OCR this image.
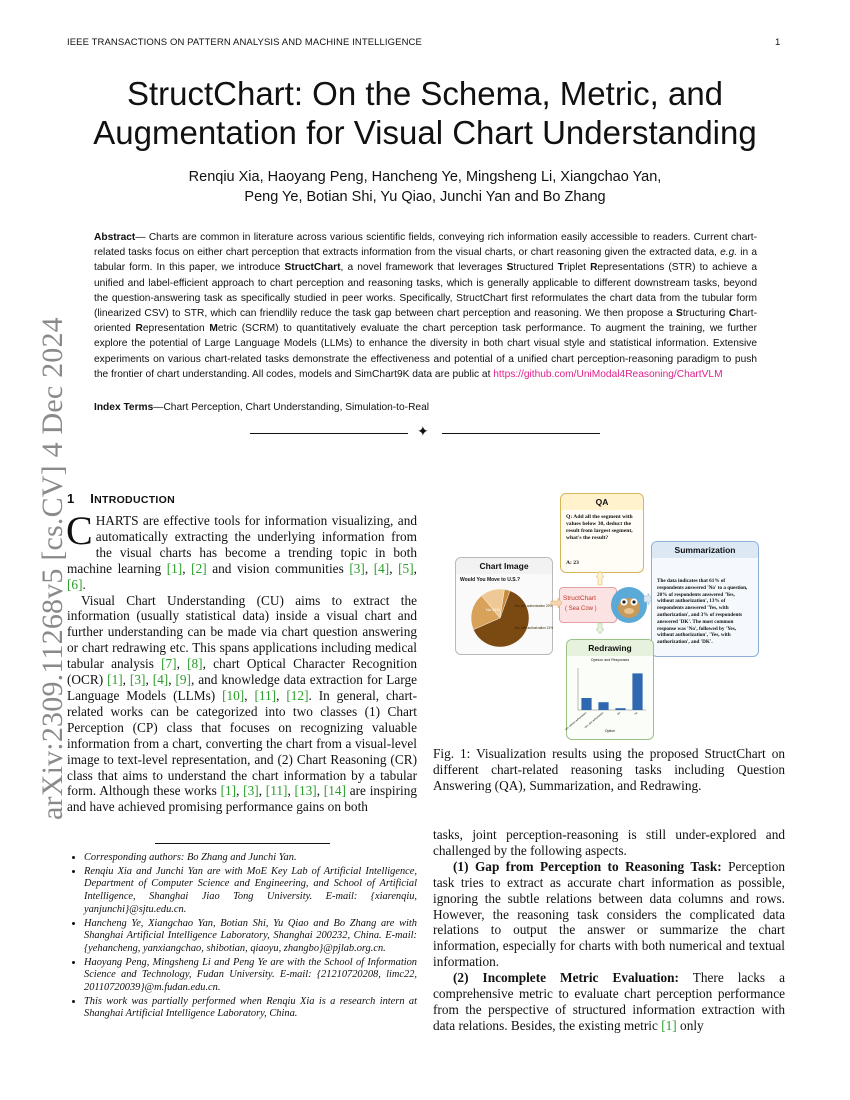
IEEE TRANSACTIONS ON PATTERN ANALYSIS AND MACHINE INTELLIGENCE	1
arXiv:2309.11268v5 [cs.CV] 4 Dec 2024
StructChart: On the Schema, Metric, and Augmentation for Visual Chart Understanding
Renqiu Xia, Haoyang Peng, Hancheng Ye, Mingsheng Li, Xiangchao Yan,
Peng Ye, Botian Shi, Yu Qiao, Junchi Yan and Bo Zhang
Abstract— Charts are common in literature across various scientific fields, conveying rich information easily accessible to readers. Current chart-related tasks focus on either chart perception that extracts information from the visual charts, or chart reasoning given the extracted data, e.g. in a tabular form. In this paper, we introduce StructChart, a novel framework that leverages Structured Triplet Representations (STR) to achieve a unified and label-efficient approach to chart perception and reasoning tasks, which is generally applicable to different downstream tasks, beyond the question-answering task as specifically studied in peer works. Specifically, StructChart first reformulates the chart data from the tubular form (linearized CSV) to STR, which can friendlily reduce the task gap between chart perception and reasoning. We then propose a Structuring Chart-oriented Representation Metric (SCRM) to quantitatively evaluate the chart perception task performance. To augment the training, we further explore the potential of Large Language Models (LLMs) to enhance the diversity in both chart visual style and statistical information. Extensive experiments on various chart-related tasks demonstrate the effectiveness and potential of a unified chart perception-reasoning paradigm to push the frontier of chart understanding. All codes, models and SimChart9K data are public at https://github.com/UniModal4Reasoning/ChartVLM
Index Terms—Chart Perception, Chart Understanding, Simulation-to-Real
✦
1 INTRODUCTION

CHARTS are effective tools for information visualizing, and automatically extracting the underlying information from the visual charts has become a trending topic in both machine learning [1], [2] and vision communities [3], [4], [5], [6].

Visual Chart Understanding (CU) aims to extract the information (usually statistical data) inside a visual chart and further understanding can be made via chart question answering or chart redrawing etc. This spans applications including medical tabular analysis [7], [8], chart Optical Character Recognition (OCR) [1], [3], [4], [9], and knowledge data extraction for Large Language Models (LLMs) [10], [11], [12]. In general, chart-related works can be categorized into two classes (1) Chart Perception (CP) class that focuses on recognizing valuable information from a chart, converting the chart from a visual-level image to text-level representation, and (2) Chart Reasoning (CR) class that aims to understand the chart information by a tabular form. Although these works [1], [3], [11], [13], [14] are inspiring and have achieved promising performance gains on both

• Corresponding authors: Bo Zhang and Junchi Yan.
• Renqiu Xia and Junchi Yan are with MoE Key Lab of Artificial Intelligence, Department of Computer Science and Engineering, and School of Artificial Intelligence, Shanghai Jiao Tong University. E-mail: {xiarenqiu, yanjunchi}@sjtu.edu.cn.
• Hancheng Ye, Xiangchao Yan, Botian Shi, Yu Qiao and Bo Zhang are with Shanghai Artificial Intelligence Laboratory, Shanghai 200232, China. E-mail: {yehancheng, yanxiangchao, shibotian, qiaoyu, zhangbo}@pjlab.org.cn.
• Haoyang Peng, Mingsheng Li and Peng Ye are with the School of Information Science and Technology, Fudan University. E-mail: {21210720208, limc22, 20110720039}@m.fudan.edu.cn.
• This work was partially performed when Renqiu Xia is a research intern at Shanghai Artificial Intelligence Laboratory, China.
QA
Q: Add all the segment with values below 30, deduct the result from largest segment, what's the result?
A: 23
Chart Image
Would You Move to U.S.?
No 61%
Yes, w/o authorization 20%
Yes, with authorization 13%
StructChart
( Sea Cow )
Summarization
The data indicates that 61% of respondents answered 'No' to a question, 20% of respondents answered 'Yes, without authorization', 13% of respondents answered 'Yes, with authorization', and 3% of respondents answered 'DK'. The most common response was 'No', followed by 'Yes, without authorization', 'Yes, with authorization', and 'DK'.
Redrawing
Opinion and Responses
Yes, without authorization
Yes, with authorization	DK	No
Option
Fig. 1: Visualization results using the proposed StructChart on different chart-related reasoning tasks including Question Answering (QA), Summarization, and Redrawing.

tasks, joint perception-reasoning is still under-explored and challenged by the following aspects.

(1) Gap from Perception to Reasoning Task: Perception task tries to extract as accurate chart information as possible, ignoring the subtle relations between data columns and rows. However, the reasoning task considers the complicated data relations to output the answer or summarize the chart information, especially for charts with both numerical and textual information.

(2) Incomplete Metric Evaluation: There lacks a comprehensive metric to evaluate chart perception performance from the perspective of structured information extraction with data relations. Besides, the existing metric [1] only
